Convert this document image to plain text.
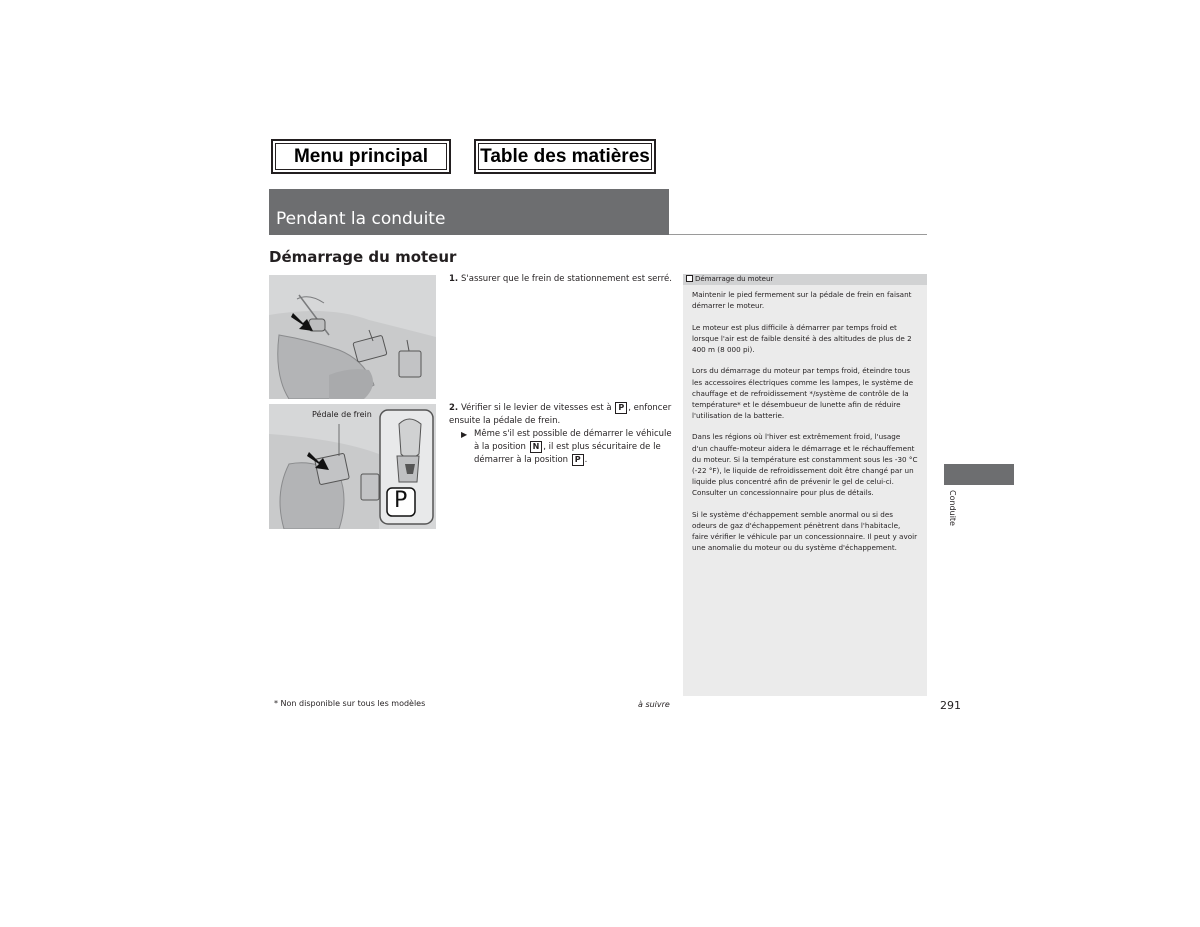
Menu principal	Table des matières
Pendant la conduite
Démarrage du moteur
Pédale de frein
P
1. S'assurer que le frein de stationnement est serré.
2. Vérifier si le levier de vitesses est à P , enfoncer ensuite la pédale de frein.
▶ Même s'il est possible de démarrer le véhicule à la position N , il est plus sécuritaire de le démarrer à la position P .
Démarrage du moteur

Maintenir le pied fermement sur la pédale de frein en faisant démarrer le moteur.

Le moteur est plus difficile à démarrer par temps froid et lorsque l'air est de faible densité à des altitudes de plus de 2 400 m (8 000 pi).

Lors du démarrage du moteur par temps froid, éteindre tous les accessoires électriques comme les lampes, le système de chauffage et de refroidissement */système de contrôle de la température* et le désembueur de lunette afin de réduire l'utilisation de la batterie.

Dans les régions où l'hiver est extrêmement froid, l'usage d'un chauffe-moteur aidera le démarrage et le réchauffement du moteur. Si la température est constamment sous les -30 °C (-22 °F), le liquide de refroidissement doit être changé par un liquide plus concentré afin de prévenir le gel de celui-ci. Consulter un concessionnaire pour plus de détails.

Si le système d'échappement semble anormal ou si des odeurs de gaz d'échappement pénètrent dans l'habitacle, faire vérifier le véhicule par un concessionnaire. Il peut y avoir une anomalie du moteur ou du système d'échappement.

Conduite
* Non disponible sur tous les modèles	à suivre	291
